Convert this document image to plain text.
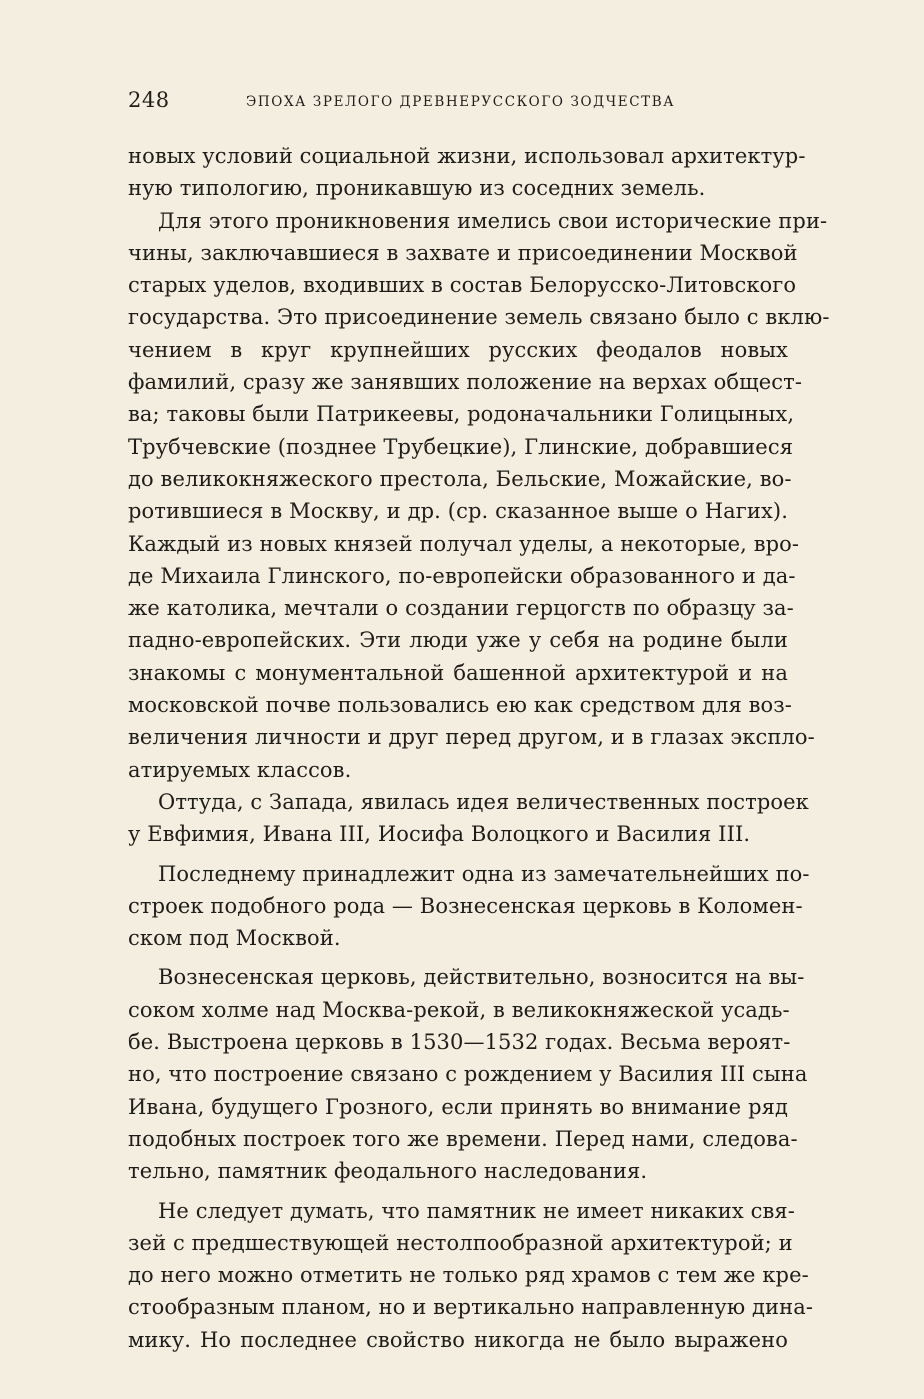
248	ЭПОХА ЗРЕЛОГО ДРЕВНЕРУССКОГО ЗОДЧЕСТВА
новых условий социальной жизни, использовал архитектур-
ную типологию, проникавшую из соседних земель.
Для этого проникновения имелись свои исторические при-
чины, заключавшиеся в захвате и присоединении Москвой
старых уделов, входивших в состав Белорусско-Литовского
государства. Это присоединение земель связано было с вклю-
чением в круг крупнейших русских феодалов новых
фамилий, сразу же занявших положение на верхах общест-
ва; таковы были Патрикеевы, родоначальники Голицыных,
Трубчевские (позднее Трубецкие), Глинские, добравшиеся
до великокняжеского престола, Бельские, Можайские, во-
ротившиеся в Москву, и др. (ср. сказанное выше о Нагих).
Каждый из новых князей получал уделы, а некоторые, вро-
де Михаила Глинского, по-европейски образованного и да-
же католика, мечтали о создании герцогств по образцу за-
падно-европейских. Эти люди уже у себя на родине были
знакомы с монументальной башенной архитектурой и на
московской почве пользовались ею как средством для воз-
величения личности и друг перед другом, и в глазах экспло-
атируемых классов.
Оттуда, с Запада, явилась идея величественных построек
у Евфимия, Ивана III, Иосифа Волоцкого и Василия III.
Последнему принадлежит одна из замечательнейших по-
строек подобного рода — Вознесенская церковь в Коломен-
ском под Москвой.
Вознесенская церковь, действительно, возносится на вы-
соком холме над Москва-рекой, в великокняжеской усадь-
бе. Выстроена церковь в 1530—1532 годах. Весьма вероят-
но, что построение связано с рождением у Василия III сына
Ивана, будущего Грозного, если принять во внимание ряд
подобных построек того же времени. Перед нами, следова-
тельно, памятник феодального наследования.
Не следует думать, что памятник не имеет никаких свя-
зей с предшествующей нестолпообразной архитектурой; и
до него можно отметить не только ряд храмов с тем же кре-
стообразным планом, но и вертикально направленную дина-
мику. Но последнее свойство никогда не было выражено
